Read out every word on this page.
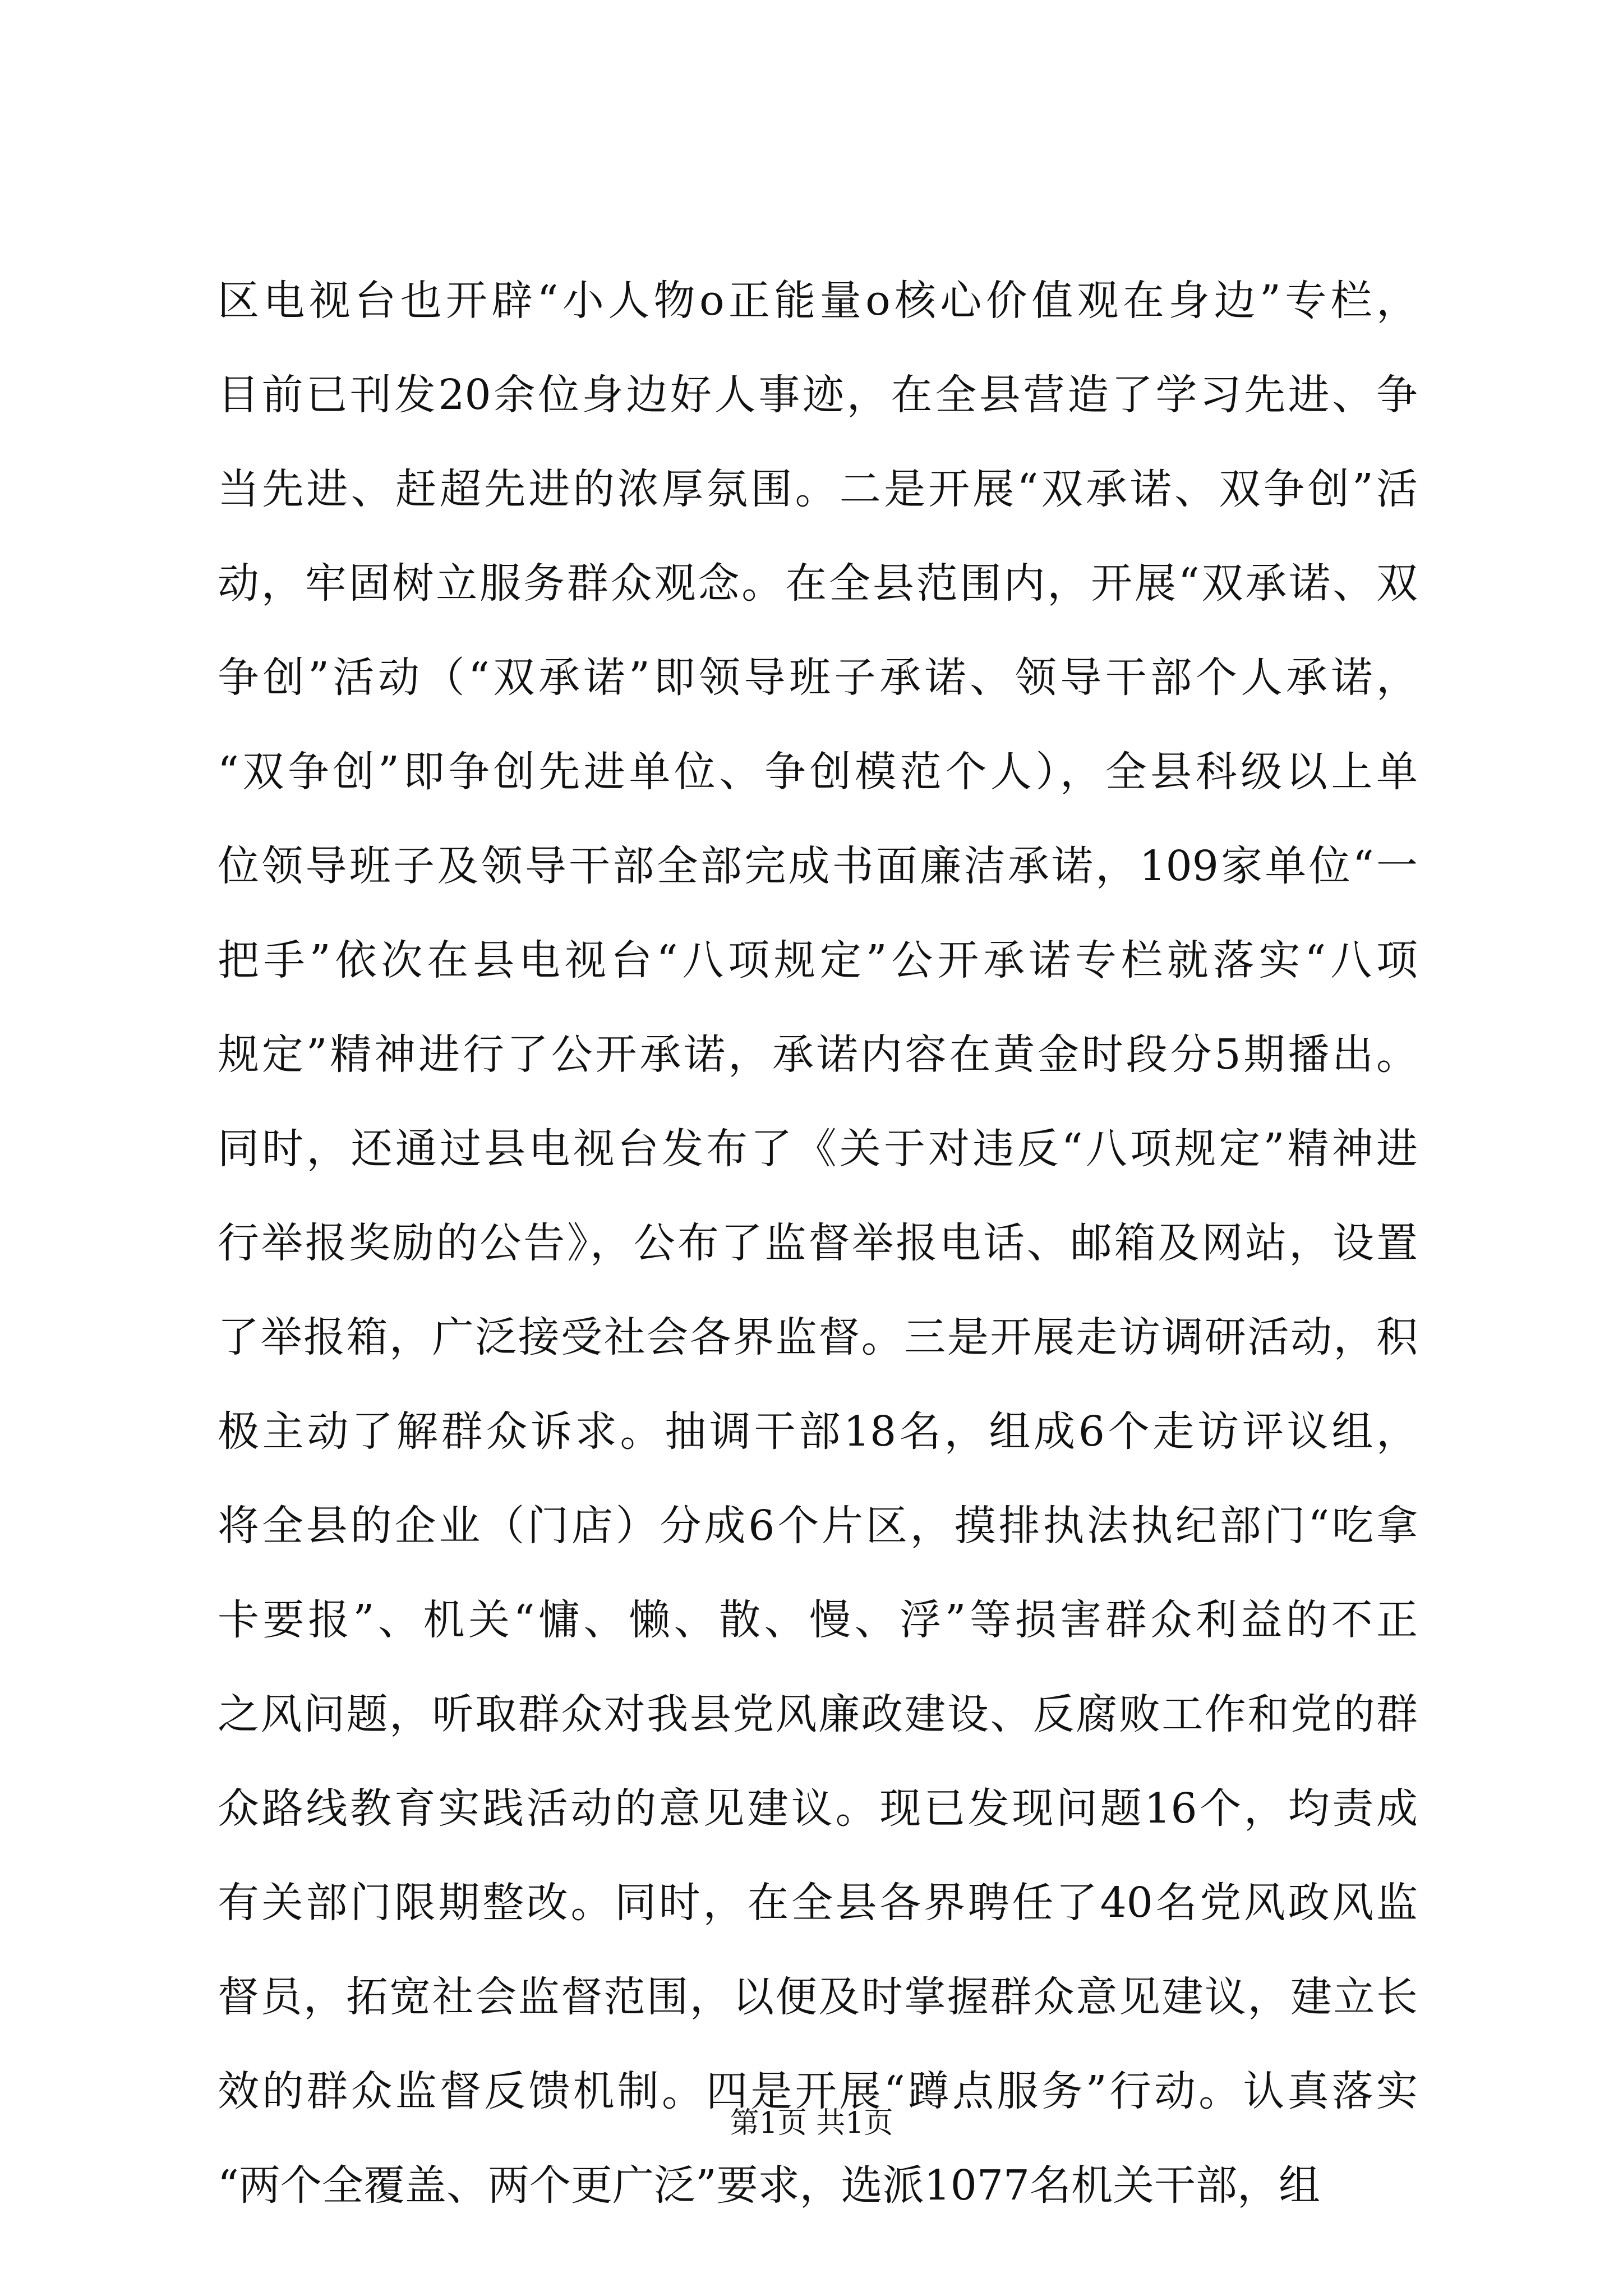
区电视台也开辟“小人物o正能量o核心价值观在身边”专栏，
目前已刊发20余位身边好人事迹，在全县营造了学习先进、争
当先进、赶超先进的浓厚氛围。二是开展“双承诺、双争创”活
动，牢固树立服务群众观念。在全县范围内，开展“双承诺、双
争创”活动（“双承诺”即领导班子承诺、领导干部个人承诺，
“双争创”即争创先进单位、争创模范个人），全县科级以上单
位领导班子及领导干部全部完成书面廉洁承诺，109家单位“一
把手”依次在县电视台“八项规定”公开承诺专栏就落实“八项
规定”精神进行了公开承诺，承诺内容在黄金时段分5期播出。
同时，还通过县电视台发布了《关于对违反“八项规定”精神进
行举报奖励的公告》，公布了监督举报电话、邮箱及网站，设置
了举报箱，广泛接受社会各界监督。三是开展走访调研活动，积
极主动了解群众诉求。抽调干部18名，组成6个走访评议组，
将全县的企业（门店）分成6个片区，摸排执法执纪部门“吃拿
卡要报”、机关“慵、懒、散、慢、浮”等损害群众利益的不正
之风问题，听取群众对我县党风廉政建设、反腐败工作和党的群
众路线教育实践活动的意见建议。现已发现问题16个，均责成
有关部门限期整改。同时，在全县各界聘任了40名党风政风监
督员，拓宽社会监督范围，以便及时掌握群众意见建议，建立长
效的群众监督反馈机制。四是开展“蹲点服务”行动。认真落实
“两个全覆盖、两个更广泛”要求，选派1077名机关干部，组
第1页 共1页
